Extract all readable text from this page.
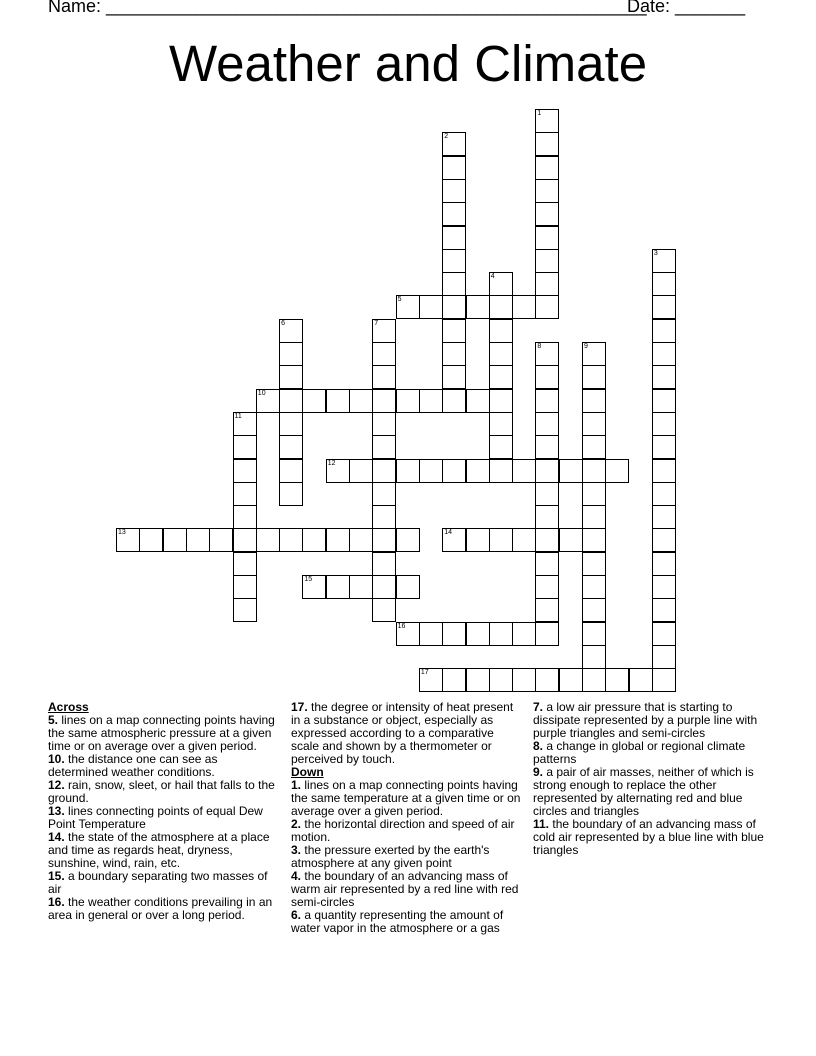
Name: ______________________________________________________
Date: _______
Weather and Climate
1
2
3
4
5
6	7
8	9
10
11
12
13	14
15
16
17
Across
5. lines on a map connecting points having the same atmospheric pressure at a given time or on average over a given period.
10. the distance one can see as determined weather conditions.
12. rain, snow, sleet, or hail that falls to the ground.
13. lines connecting points of equal Dew Point Temperature
14. the state of the atmosphere at a place and time as regards heat, dryness, sunshine, wind, rain, etc.
15. a boundary separating two masses of air
16. the weather conditions prevailing in an area in general or over a long period.
17. the degree or intensity of heat present in a substance or object, especially as expressed according to a comparative scale and shown by a thermometer or perceived by touch.
Down
1. lines on a map connecting points having the same temperature at a given time or on average over a given period.
2. the horizontal direction and speed of air motion.
3. the pressure exerted by the earth's atmosphere at any given point
4. the boundary of an advancing mass of warm air represented by a red line with red semi-circles
6. a quantity representing the amount of water vapor in the atmosphere or a gas
7. a low air pressure that is starting to dissipate represented by a purple line with purple triangles and semi-circles
8. a change in global or regional climate patterns
9. a pair of air masses, neither of which is strong enough to replace the other represented by alternating red and blue circles and triangles
11. the boundary of an advancing mass of cold air represented by a blue line with blue triangles
